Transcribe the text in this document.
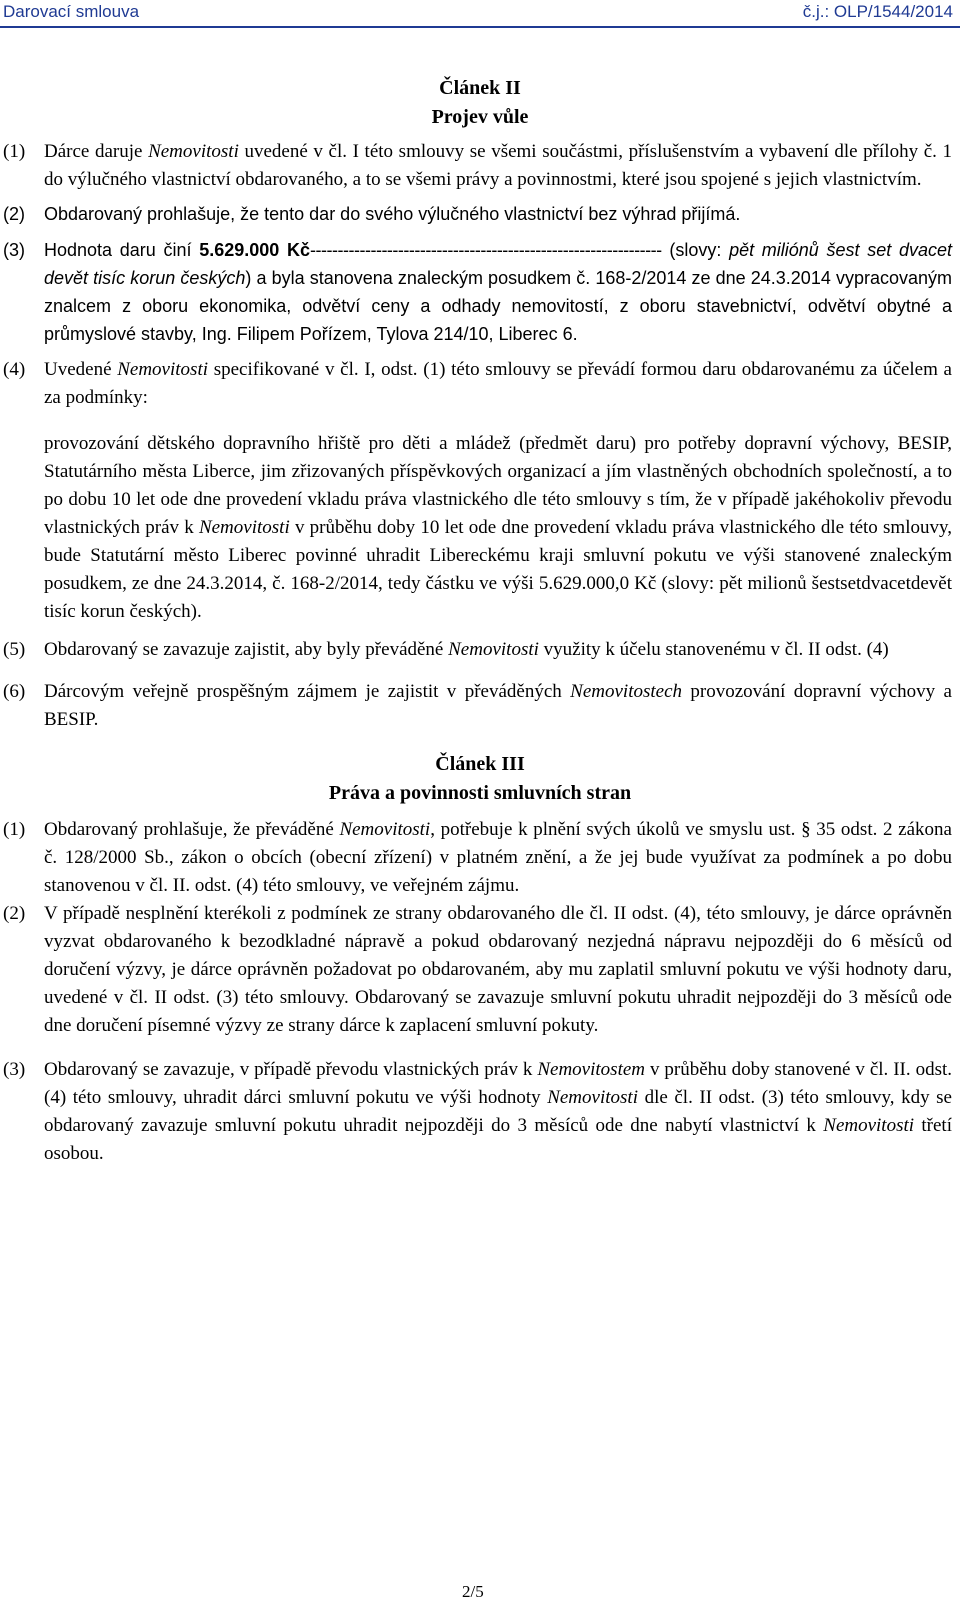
Darovací smlouva	č.j.: OLP/1544/2014
Článek II
Projev vůle
(1) Dárce daruje Nemovitosti uvedené v čl. I této smlouvy se všemi součástmi, příslušenstvím a vybavení dle přílohy č. 1 do výlučného vlastnictví obdarovaného, a to se všemi právy a povinnostmi, které jsou spojené s jejich vlastnictvím.
(2) Obdarovaný prohlašuje, že tento dar do svého výlučného vlastnictví bez výhrad přijímá.
(3) Hodnota daru činí 5.629.000 Kč---------------------------------------------------------------- (slovy: pět miliónů šest set dvacet devět tisíc korun českých) a byla stanovena znaleckým posudkem č. 168-2/2014 ze dne 24.3.2014 vypracovaným znalcem z oboru ekonomika, odvětví ceny a odhady nemovitostí, z oboru stavebnictví, odvětví obytné a průmyslové stavby, Ing. Filipem Pořízem, Tylova 214/10, Liberec 6.
(4) Uvedené Nemovitosti specifikované v čl. I, odst. (1) této smlouvy se převádí formou daru obdarovanému za účelem a za podmínky:
provozování dětského dopravního hřiště pro děti a mládež (předmět daru) pro potřeby dopravní výchovy, BESIP, Statutárního města Liberce, jim zřizovaných příspěvkových organizací a jím vlastněných obchodních společností, a to po dobu 10 let ode dne provedení vkladu práva vlastnického dle této smlouvy s tím, že v případě jakéhokoliv převodu vlastnických práv k Nemovitosti v průběhu doby 10 let ode dne provedení vkladu práva vlastnického dle této smlouvy, bude Statutární město Liberec povinné uhradit Libereckému kraji smluvní pokutu ve výši stanovené znaleckým posudkem, ze dne 24.3.2014, č. 168-2/2014, tedy částku ve výši 5.629.000,0 Kč (slovy: pět milionů šestsetdvacetdevět tisíc korun českých).
(5) Obdarovaný se zavazuje zajistit, aby byly převáděné Nemovitosti využity k účelu stanovenému v čl. II odst. (4)
(6) Dárcovým veřejně prospěšným zájmem je zajistit v převáděných Nemovitostech provozování dopravní výchovy a BESIP.
Článek III
Práva a povinnosti smluvních stran
(1) Obdarovaný prohlašuje, že převáděné Nemovitosti, potřebuje k plnění svých úkolů ve smyslu ust. § 35 odst. 2 zákona č. 128/2000 Sb., zákon o obcích (obecní zřízení) v platném znění, a že jej bude využívat za podmínek a po dobu stanovenou v čl. II. odst. (4) této smlouvy, ve veřejném zájmu.
(2) V případě nesplnění kterékoli z podmínek ze strany obdarovaného dle čl. II odst. (4), této smlouvy, je dárce oprávněn vyzvat obdarovaného k bezodkladné nápravě a pokud obdarovaný nezjedná nápravu nejpozději do 6 měsíců od doručení výzvy, je dárce oprávněn požadovat po obdarovaném, aby mu zaplatil smluvní pokutu ve výši hodnoty daru, uvedené v čl. II odst. (3) této smlouvy. Obdarovaný se zavazuje smluvní pokutu uhradit nejpozději do 3 měsíců ode dne doručení písemné výzvy ze strany dárce k zaplacení smluvní pokuty.
(3) Obdarovaný se zavazuje, v případě převodu vlastnických práv k Nemovitostem v průběhu doby stanovené v čl. II. odst. (4) této smlouvy, uhradit dárci smluvní pokutu ve výši hodnoty Nemovitosti dle čl. II odst. (3) této smlouvy, kdy se obdarovaný zavazuje smluvní pokutu uhradit nejpozději do 3 měsíců ode dne nabytí vlastnictví k Nemovitosti třetí osobou.
2/5
